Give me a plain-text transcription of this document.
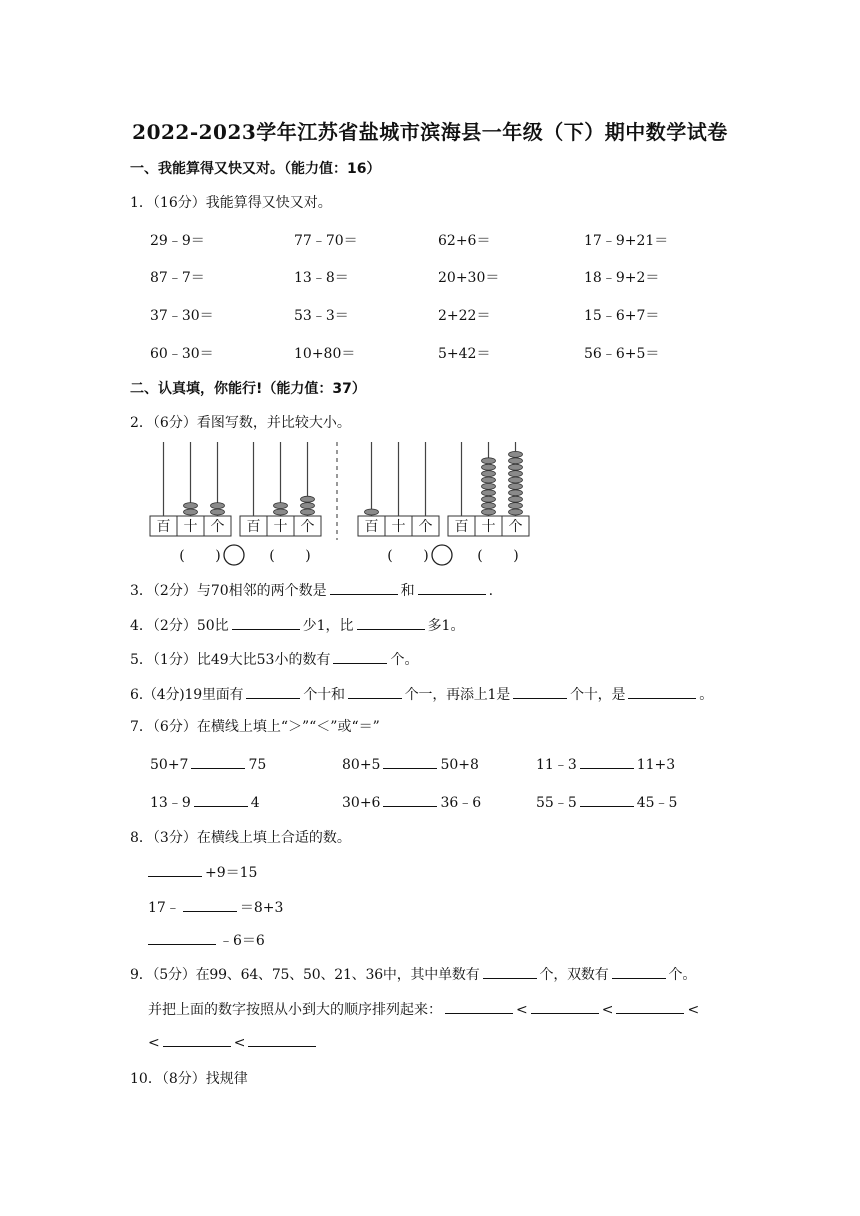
2022-2023学年江苏省盐城市滨海县一年级（下）期中数学试卷
一、我能算得又快又对。（能力值：16）
1．（16分）我能算得又快又对。
29﹣9＝	77﹣70＝	62+6＝	17﹣9+21＝
87﹣7＝	13﹣8＝	20+30＝	18﹣9+2＝
37﹣30＝	53﹣3＝	2+22＝	15﹣6+7＝
60﹣30＝	10+80＝	5+42＝	56﹣6+5＝
二、认真填，你能行!（能力值：37）
2．（6分）看图写数，并比较大小。
百 十 个
( )
百 十 个
( )
百 十 个
( )
百 十 个
( )
3．（2分）与70相邻的两个数是	和	.
4．（2分）50比	少1，比	多1。
5．（1分）比49大比53小的数有	个。
6.（4分)19里面有	个十和	个一，再添上1是	个十，是	。
7．（6分）在横线上填上“＞”“＜”或“＝”
50+7	75	80+5	50+8	11﹣3	11+3
13﹣9	4	30+6	36﹣6	55﹣5	45﹣5
8．（3分）在横线上填上合适的数。
+9＝15
17﹣	＝8+3
﹣6＝6
9．（5分）在99、64、75、50、21、36中，其中单数有	个，双数有	个。
并把上面的数字按照从小到大的顺序排列起来：	<	<	<
<	<
10．（8分）找规律
